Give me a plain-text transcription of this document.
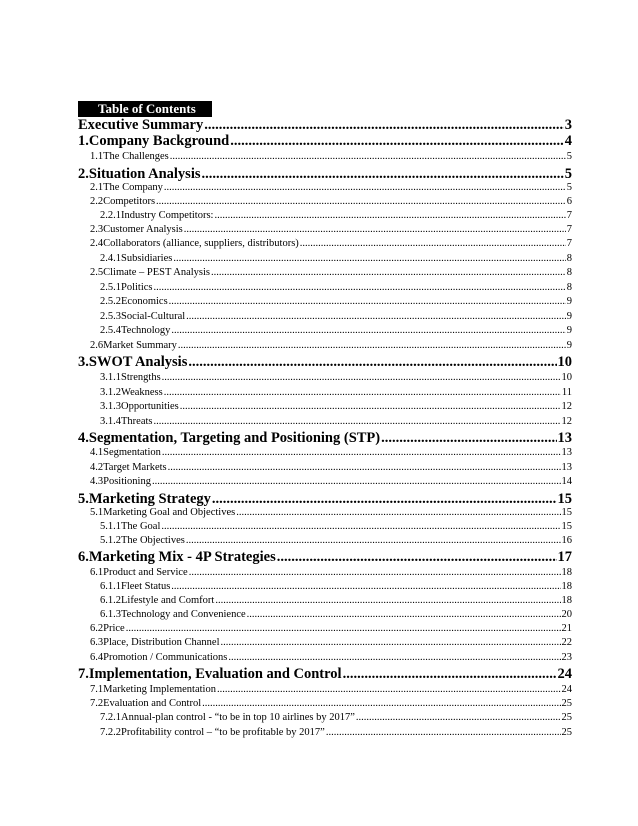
Table of Contents
Executive Summary .....	3
1. Company Background .....	4
1.1 The Challenges .....	5
2. Situation Analysis .....	5
2.1 The Company .....	5
2.2 Competitors .....	6
2.2.1 Industry Competitors: .....	7
2.3 Customer Analysis .....	7
2.4 Collaborators (alliance, suppliers, distributors) .....	7
2.4.1 Subsidiaries .....	8
2.5 Climate – PEST Analysis .....	8
2.5.1 Politics .....	8
2.5.2 Economics .....	9
2.5.3 Social-Cultural .....	9
2.5.4 Technology .....	9
2.6 Market Summary .....	9
3. SWOT Analysis .....	10
3.1.1 Strengths .....	10
3.1.2 Weakness .....	11
3.1.3 Opportunities .....	12
3.1.4 Threats .....	12
4. Segmentation, Targeting and Positioning (STP) .....	13
4.1 Segmentation .....	13
4.2 Target Markets .....	13
4.3 Positioning .....	14
5. Marketing Strategy .....	15
5.1 Marketing Goal and Objectives .....	15
5.1.1 The Goal .....	15
5.1.2 The Objectives .....	16
6. Marketing Mix - 4P Strategies .....	17
6.1 Product and Service .....	18
6.1.1 Fleet Status .....	18
6.1.2 Lifestyle and Comfort .....	18
6.1.3 Technology and Convenience .....	20
6.2 Price .....	21
6.3 Place, Distribution Channel .....	22
6.4 Promotion / Communications .....	23
7. Implementation, Evaluation and Control .....	24
7.1 Marketing Implementation .....	24
7.2 Evaluation and Control .....	25
7.2.1 Annual-plan control - “to be in top 10 airlines by 2017” .....	25
7.2.2 Profitability control – “to be profitable by 2017” .....	25
